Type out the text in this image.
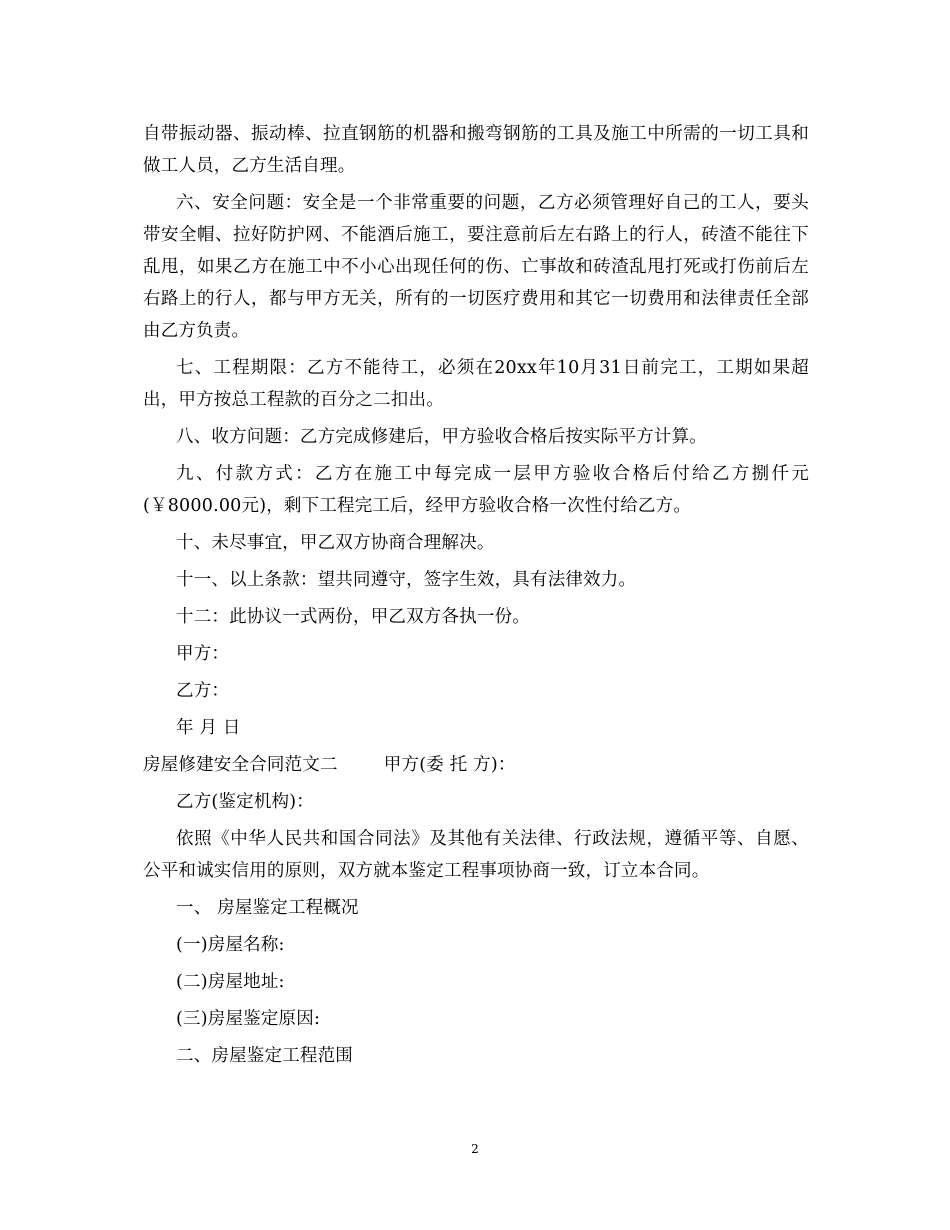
自带振动器、振动棒、拉直钢筋的机器和搬弯钢筋的工具及施工中所需的一切工具和做工人员，乙方生活自理。

六、安全问题：安全是一个非常重要的问题，乙方必须管理好自己的工人，要头带安全帽、拉好防护网、不能酒后施工，要注意前后左右路上的行人，砖渣不能往下乱甩，如果乙方在施工中不小心出现任何的伤、亡事故和砖渣乱甩打死或打伤前后左右路上的行人，都与甲方无关，所有的一切医疗费用和其它一切费用和法律责任全部由乙方负责。

七、工程期限：乙方不能待工，必须在20xx年10月31日前完工，工期如果超出，甲方按总工程款的百分之二扣出。

八、收方问题：乙方完成修建后，甲方验收合格后按实际平方计算。

九、付款方式：乙方在施工中每完成一层甲方验收合格后付给乙方捌仟元(￥8000.00元)，剩下工程完工后，经甲方验收合格一次性付给乙方。

十、未尽事宜，甲乙双方协商合理解决。

十一、以上条款：望共同遵守，签字生效，具有法律效力。

十二：此协议一式两份，甲乙双方各执一份。

甲方：

乙方：

年 月 日

房屋修建安全合同范文二        甲方(委 托 方)：

乙方(鉴定机构)：

依照《中华人民共和国合同法》及其他有关法律、行政法规，遵循平等、自愿、公平和诚实信用的原则，双方就本鉴定工程事项协商一致，订立本合同。

一、 房屋鉴定工程概况

(一)房屋名称:

(二)房屋地址:

(三)房屋鉴定原因:

二、房屋鉴定工程范围

2
